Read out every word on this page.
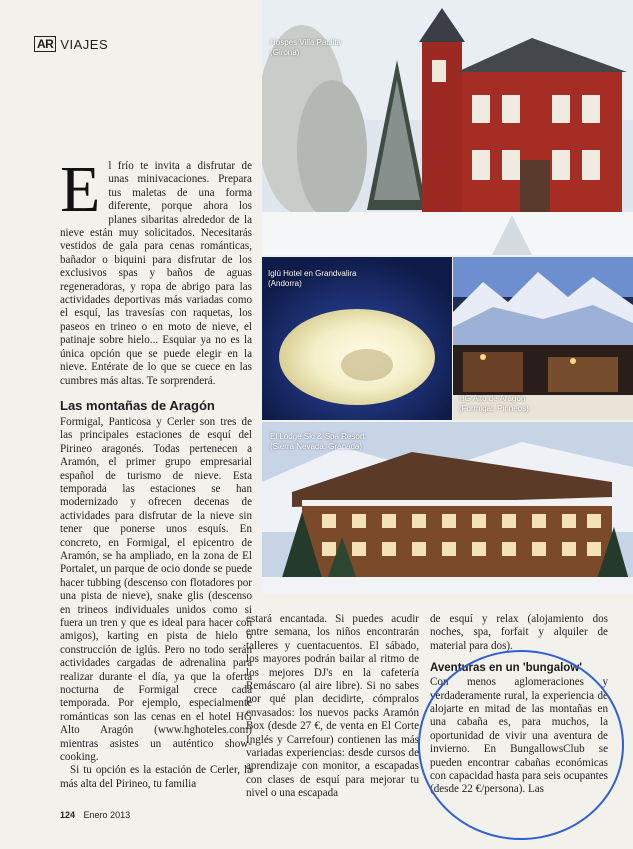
AR VIAJES
E l frío te invita a disfrutar de unas minivacaciones. Prepara tus maletas de una forma diferente, porque ahora los planes sibaritas alrededor de la nieve están muy solicitados. Necesitarás vestidos de gala para cenas románticas, bañador o biquini para disfrutar de los exclusivos spas y baños de aguas regeneradoras, y ropa de abrigo para las actividades deportivas más variadas como el esquí, las travesías con raquetas, los paseos en trineo o en moto de nieve, el patinaje sobre hielo... Esquiar ya no es la única opción que se puede elegir en la nieve. Entérate de lo que se cuece en las cumbres más altas. Te sorprenderá.

Las montañas de Aragón

Formigal, Panticosa y Cerler son tres de las principales estaciones de esquí del Pirineo aragonés. Todas pertenecen a Aramón, el primer grupo empresarial español de turismo de nieve. Esta temporada las estaciones se han modernizado y ofrecen decenas de actividades para disfrutar de la nieve sin tener que ponerse unos esquís. En concreto, en Formigal, el epicentro de Aramón, se ha ampliado, en la zona de El Portalet, un parque de ocio donde se puede hacer tubbing (descenso con flotadores por una pista de nieve), snake glis (descenso en trineos individuales unidos como si fuera un tren y que es ideal para hacer con amigos), karting en pista de hielo o construcción de iglús. Pero no todo serán actividades cargadas de adrenalina para realizar durante el día, ya que la oferta nocturna de Formigal crece cada temporada. Por ejemplo, especialmente románticas son las cenas en el hotel HG Alto Aragón (www.hghoteles.com) mientras asistes un auténtico show-cooking.

Si tu opción es la estación de Cerler, la más alta del Pirineo, tu familia

estará encantada. Si puedes acudir entre semana, los niños encontrarán talleres y cuentacuentos. El sábado, los mayores podrán bailar al ritmo de los mejores DJ's en la cafetería Remáscaro (al aire libre). Si no sabes por qué plan decidirte, cómpralos envasados: los nuevos packs Aramón Box (desde 27 €, de venta en El Corte Inglés y Carrefour) contienen las más variadas experiencias: desde cursos de aprendizaje con monitor, a escapadas con clases de esquí para mejorar tu nivel o una escapada

de esquí y relax (alojamiento dos noches, spa, forfait y alquiler de material para dos).

Aventuras en un 'bungalow'

Con menos aglomeraciones y verdaderamente rural, la experiencia de alojarte en mitad de las montañas en una cabaña es, para muchos, la oportunidad de vivir una aventura de invierno. En BungallowsClub se pueden encontrar cabañas económicas con capacidad hasta para seis ocupantes (desde 22 €/persona). Las

Hospes Villa Paulita
(Girona)
Iglú Hotel en Grandvalira
(Andorra)
HG Alto de Aragón
(Formigal, Pirineos)
El Lodge Ski & Spa Resort
(Sierra Nevada, Granada)
124 Enero 2013
